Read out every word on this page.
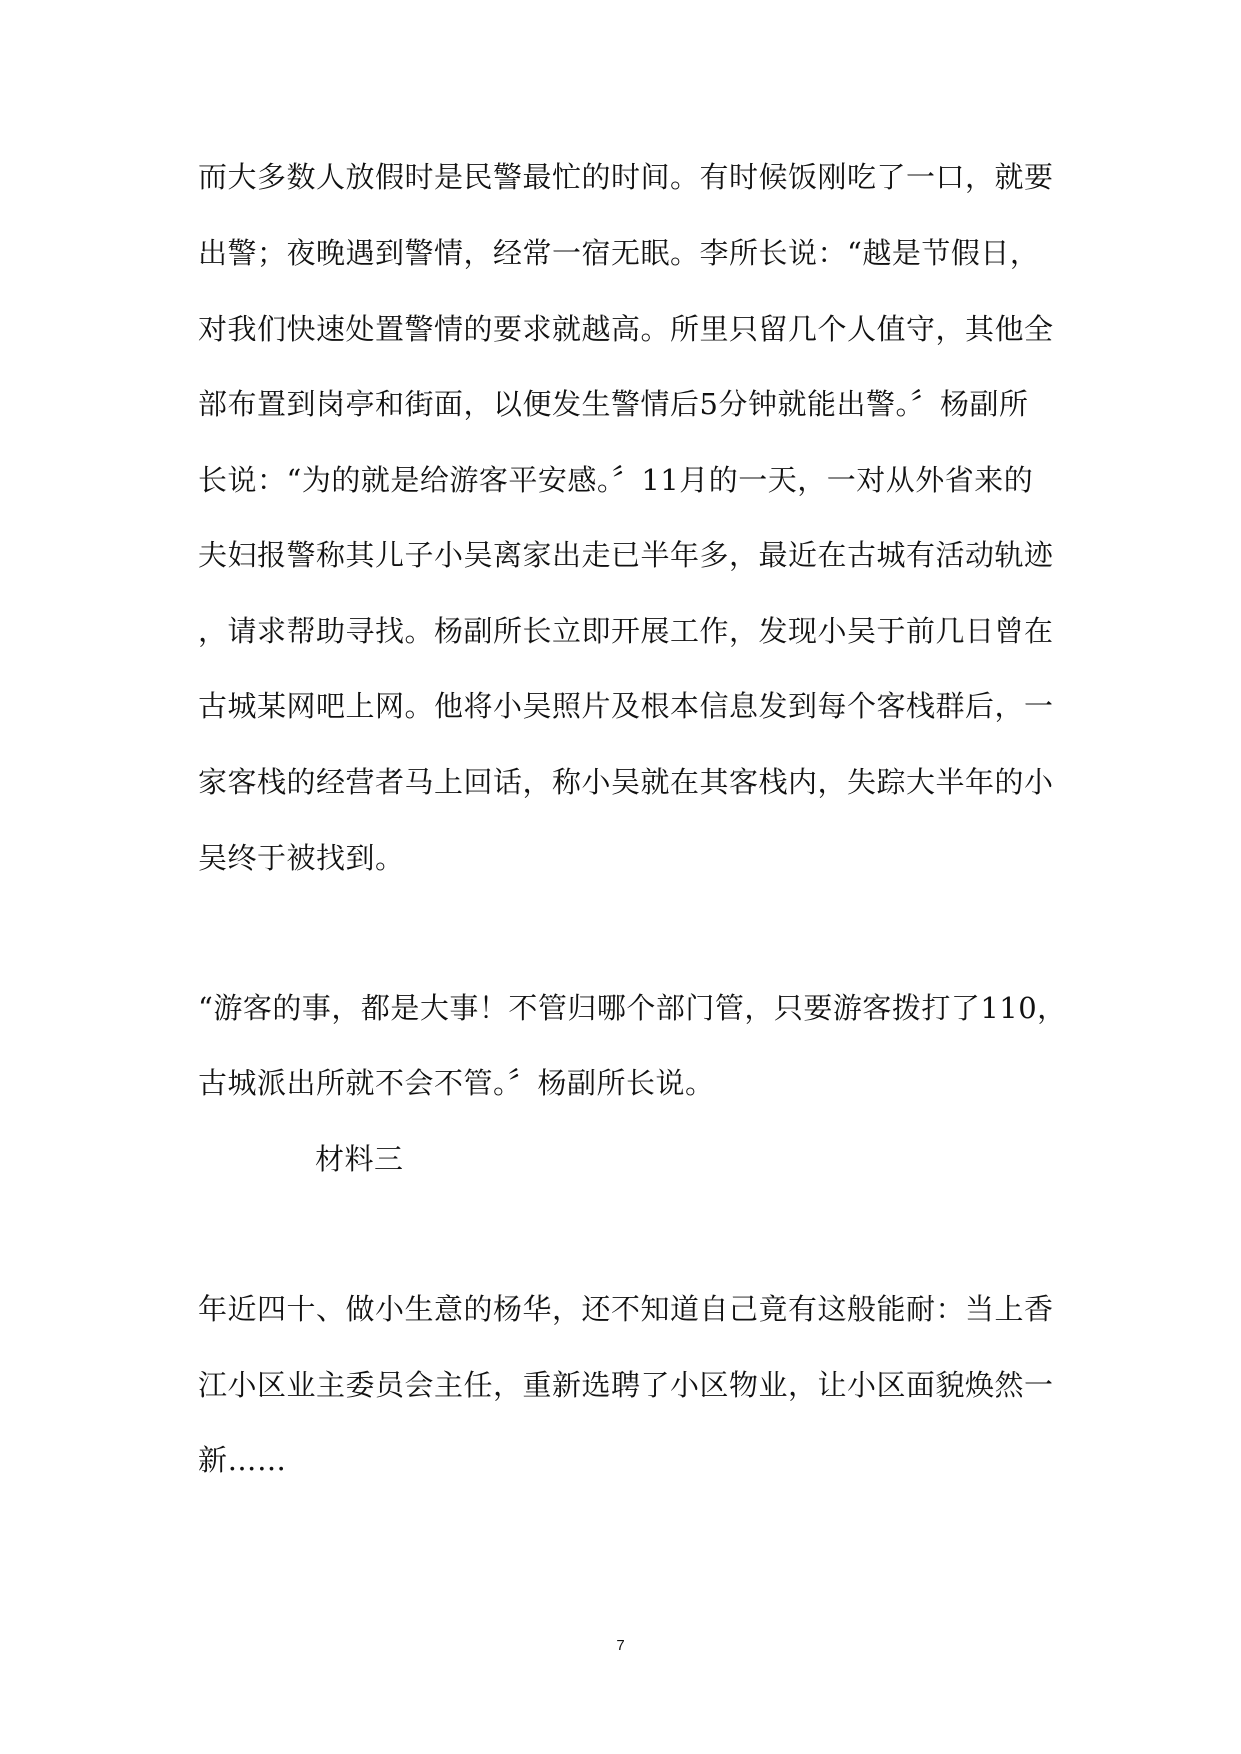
而大多数人放假时是民警最忙的时间。有时候饭刚吃了一口，就要
出警；夜晚遇到警情，经常一宿无眠。李所长说：“越是节假日，
对我们快速处置警情的要求就越高。所里只留几个人值守，其他全
部布置到岗亭和街面，以便发生警情后5分钟就能出警。〞杨副所
长说：“为的就是给游客平安感。〞11月的一天，一对从外省来的
夫妇报警称其儿子小吴离家出走已半年多，最近在古城有活动轨迹
，请求帮助寻找。杨副所长立即开展工作，发现小吴于前几日曾在
古城某网吧上网。他将小吴照片及根本信息发到每个客栈群后，一
家客栈的经营者马上回话，称小吴就在其客栈内，失踪大半年的小
吴终于被找到。
“游客的事，都是大事！不管归哪个部门管，只要游客拨打了110，
古城派出所就不会不管。〞杨副所长说。
材料三
年近四十、做小生意的杨华，还不知道自己竟有这般能耐：当上香
江小区业主委员会主任，重新选聘了小区物业，让小区面貌焕然一
新……
7
